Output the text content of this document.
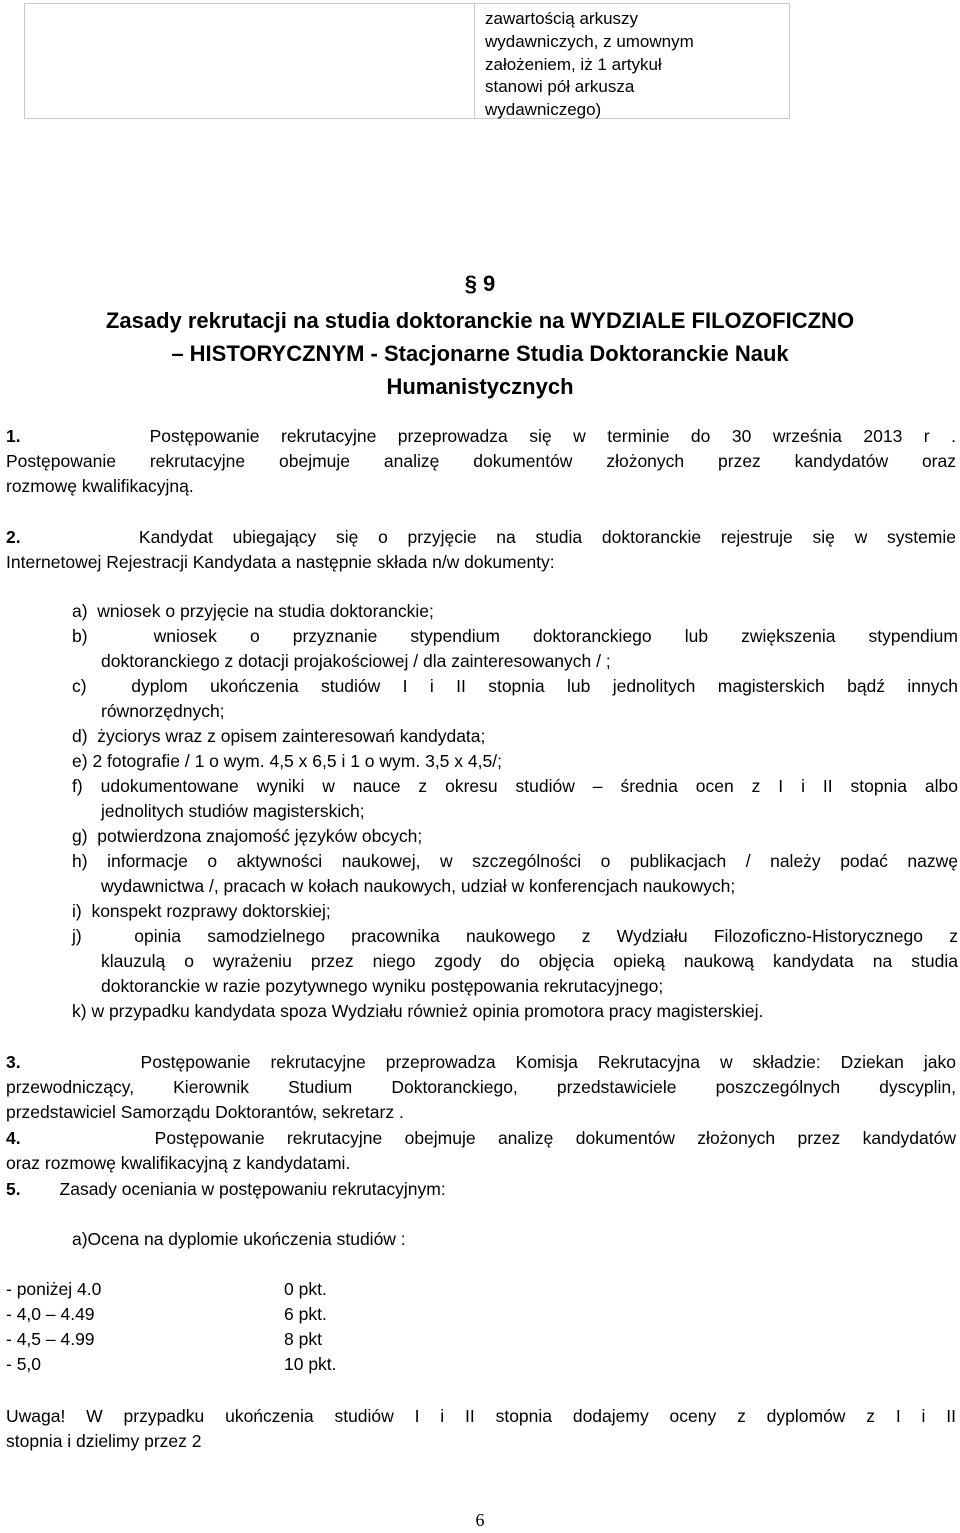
zawartością arkuszy
wydawniczych, z umownym
założeniem, iż 1 artykuł
stanowi pół arkusza
wydawniczego)
§ 9
Zasady rekrutacji na studia doktoranckie na WYDZIALE FILOZOFICZNO
– HISTORYCZNYM - Stacjonarne Studia Doktoranckie Nauk
Humanistycznych
1.	Postępowanie rekrutacyjne przeprowadza się w terminie do 30 września 2013 r .
Postępowanie rekrutacyjne obejmuje analizę dokumentów złożonych przez kandydatów oraz
rozmowę kwalifikacyjną.
2.	Kandydat ubiegający się o przyjęcie na studia doktoranckie rejestruje się w systemie
Internetowej Rejestracji Kandydata a następnie składa n/w dokumenty:
a) wniosek o przyjęcie na studia doktoranckie;
b)	wniosek o przyznanie stypendium doktoranckiego lub zwiększenia stypendium
doktoranckiego z dotacji projakościowej / dla zainteresowanych / ;
c)	dyplom ukończenia studiów I i II stopnia lub jednolitych magisterskich bądź innych
równorzędnych;
d) życiorys wraz z opisem zainteresowań kandydata;
e) 2 fotografie / 1 o wym. 4,5 x 6,5 i 1 o wym. 3,5 x 4,5/;
f) udokumentowane wyniki w nauce z okresu studiów – średnia ocen z I i II stopnia albo
jednolitych studiów magisterskich;
g) potwierdzona znajomość języków obcych;
h) informacje o aktywności naukowej, w szczególności o publikacjach / należy podać nazwę
wydawnictwa /, pracach w kołach naukowych, udział w konferencjach naukowych;
i) konspekt rozprawy doktorskiej;
j)	opinia samodzielnego pracownika naukowego z Wydziału Filozoficzno-Historycznego z
klauzulą o wyrażeniu przez niego zgody do objęcia opieką naukową kandydata na studia
doktoranckie w razie pozytywnego wyniku postępowania rekrutacyjnego;
k) w przypadku kandydata spoza Wydziału również opinia promotora pracy magisterskiej.
3.	Postępowanie rekrutacyjne przeprowadza Komisja Rekrutacyjna w składzie: Dziekan jako
przewodniczący, Kierownik Studium Doktoranckiego, przedstawiciele poszczególnych dyscyplin,
przedstawiciel Samorządu Doktorantów, sekretarz .
4.	Postępowanie rekrutacyjne obejmuje analizę dokumentów złożonych przez kandydatów
oraz rozmowę kwalifikacyjną z kandydatami.
5. Zasady oceniania w postępowaniu rekrutacyjnym:
a)Ocena na dyplomie ukończenia studiów :
- poniżej 4.0	0 pkt.
- 4,0 – 4.49	6 pkt.
- 4,5 – 4.99	8 pkt
- 5,0	10 pkt.
Uwaga! W przypadku ukończenia studiów I i II stopnia dodajemy oceny z dyplomów z I i II
stopnia i dzielimy przez 2
6
